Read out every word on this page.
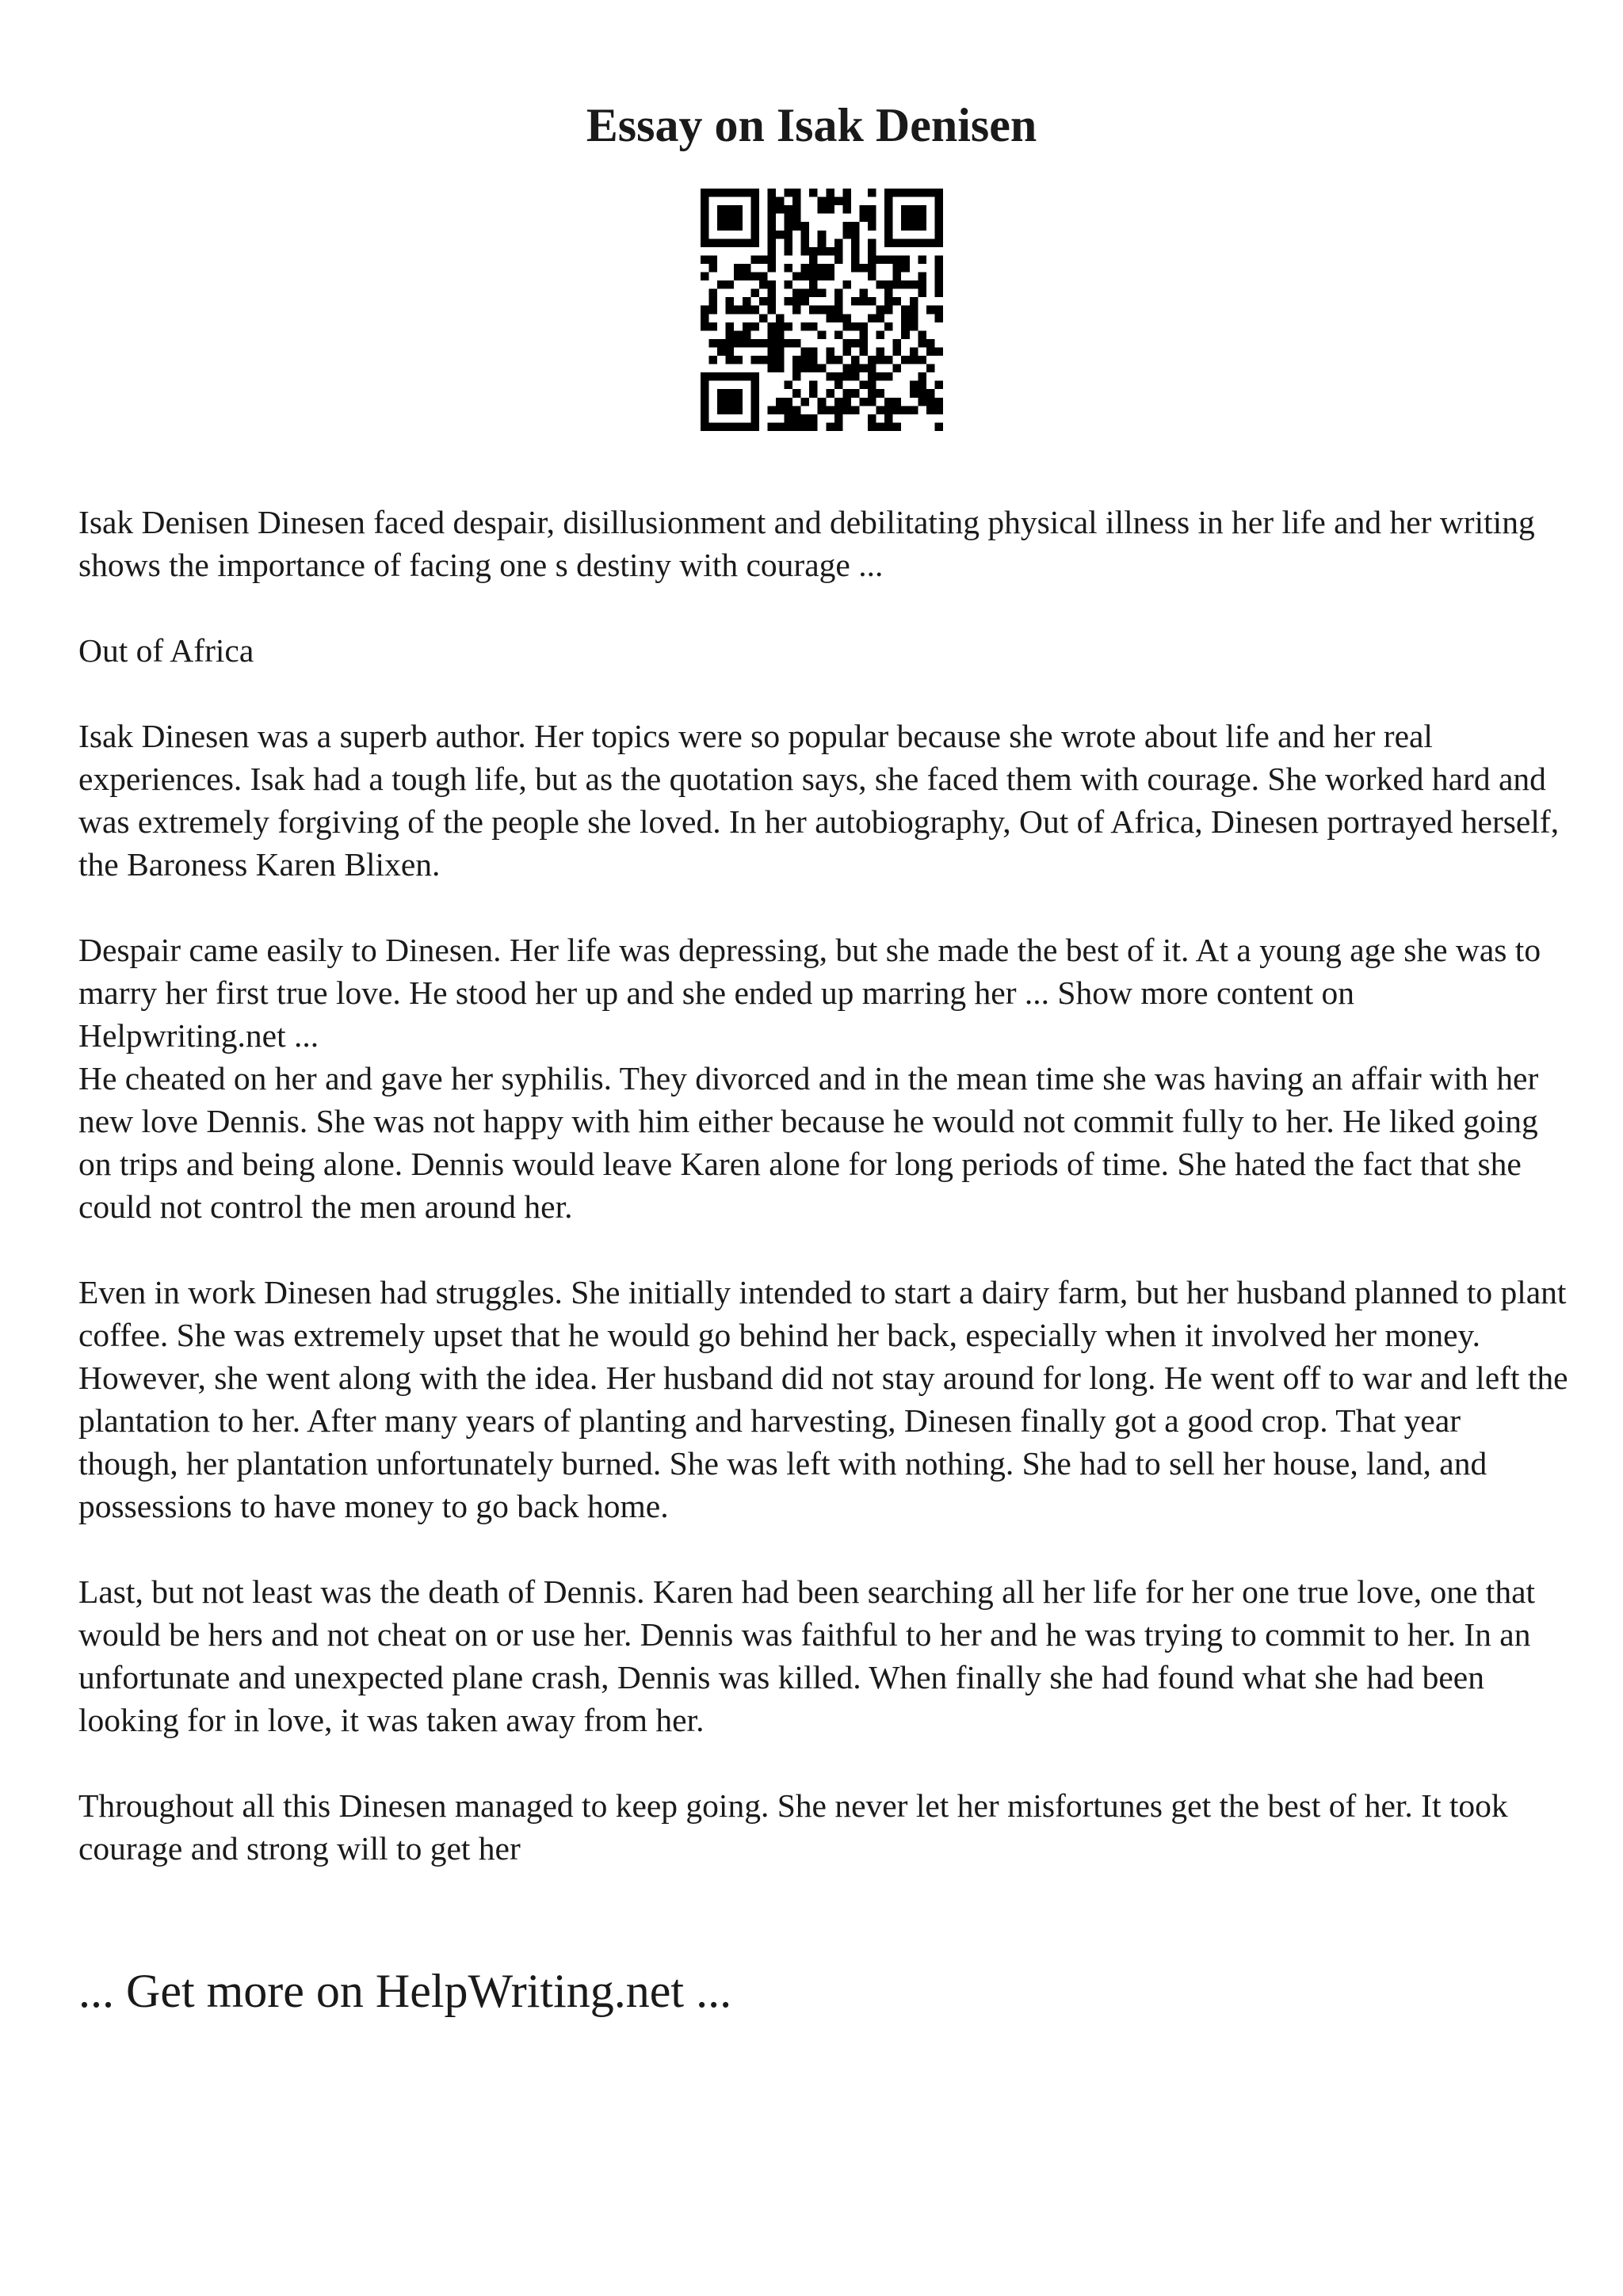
Essay on Isak Denisen

Isak Denisen Dinesen faced despair, disillusionment and debilitating physical illness in her life and her writing shows the importance of facing one s destiny with courage ...

Out of Africa

Isak Dinesen was a superb author. Her topics were so popular because she wrote about life and her real experiences. Isak had a tough life, but as the quotation says, she faced them with courage. She worked hard and was extremely forgiving of the people she loved. In her autobiography, Out of Africa, Dinesen portrayed herself, the Baroness Karen Blixen.

Despair came easily to Dinesen. Her life was depressing, but she made the best of it. At a young age she was to marry her first true love. He stood her up and she ended up marring her ... Show more content on Helpwriting.net ...

He cheated on her and gave her syphilis. They divorced and in the mean time she was having an affair with her new love Dennis. She was not happy with him either because he would not commit fully to her. He liked going on trips and being alone. Dennis would leave Karen alone for long periods of time. She hated the fact that she could not control the men around her.

Even in work Dinesen had struggles. She initially intended to start a dairy farm, but her husband planned to plant coffee. She was extremely upset that he would go behind her back, especially when it involved her money. However, she went along with the idea. Her husband did not stay around for long. He went off to war and left the plantation to her. After many years of planting and harvesting, Dinesen finally got a good crop. That year though, her plantation unfortunately burned. She was left with nothing. She had to sell her house, land, and possessions to have money to go back home.

Last, but not least was the death of Dennis. Karen had been searching all her life for her one true love, one that would be hers and not cheat on or use her. Dennis was faithful to her and he was trying to commit to her. In an unfortunate and unexpected plane crash, Dennis was killed. When finally she had found what she had been looking for in love, it was taken away from her.

Throughout all this Dinesen managed to keep going. She never let her misfortunes get the best of her. It took courage and strong will to get her

... Get more on HelpWriting.net ...
